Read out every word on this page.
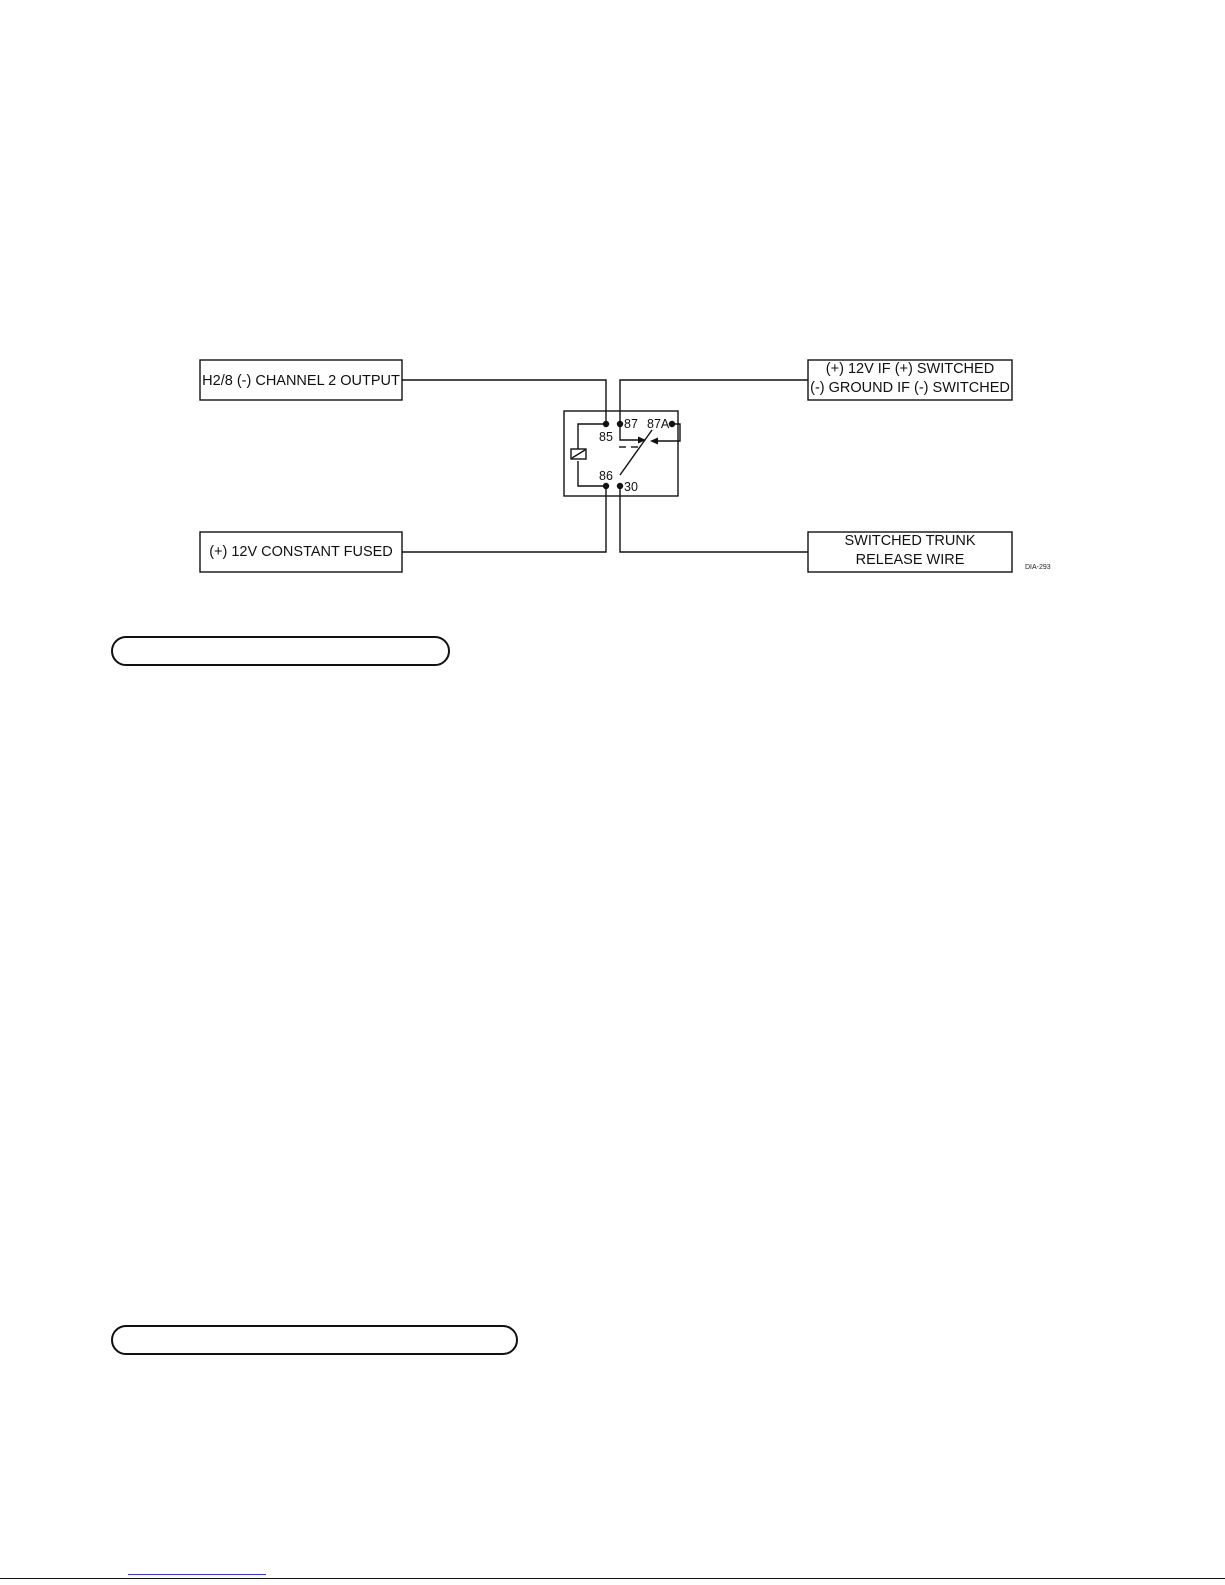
85
87 87A
86
30
H2/8 (-) CHANNEL 2 OUTPUT
(+) 12V IF (+) SWITCHED
(-) GROUND IF (-) SWITCHED
(+) 12V CONSTANT FUSED
SWITCHED TRUNK
RELEASE WIRE	DIA-293
